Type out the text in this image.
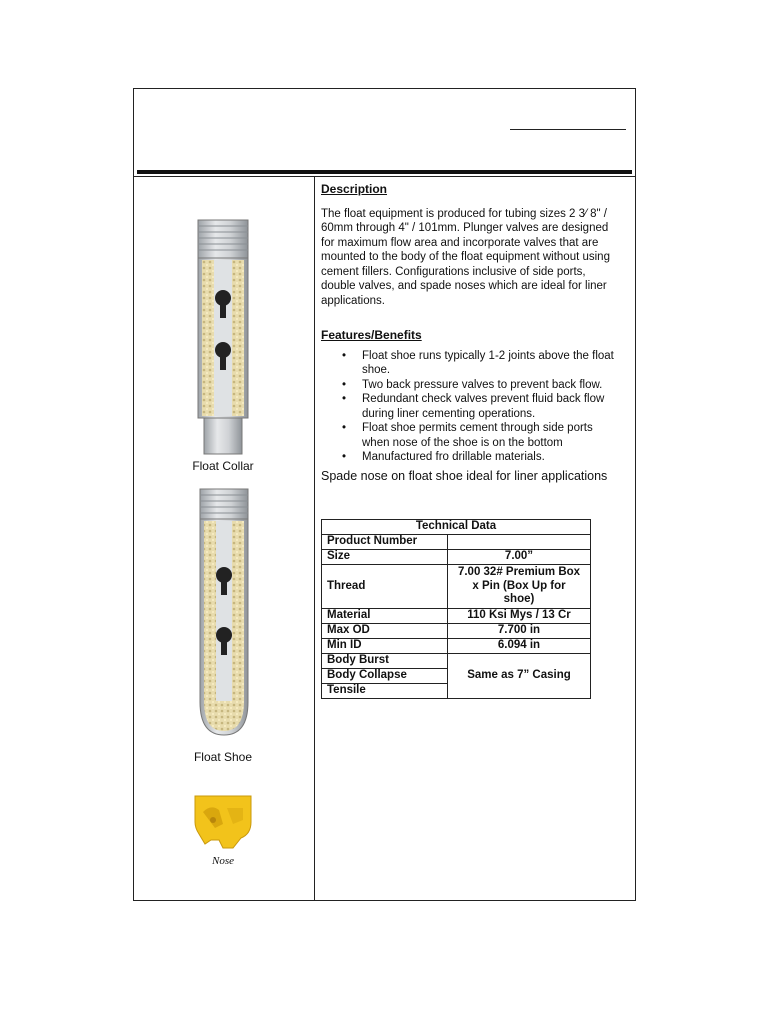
Float Collar
Float Shoe
Nose

Description

The float equipment is produced for tubing sizes 2 3⁄ 8" / 60mm through 4" / 101mm. Plunger valves are designed for maximum flow area and incorporate valves that are mounted to the body of the float equipment without using cement fillers. Configurations inclusive of side ports, double valves, and spade noses which are ideal for liner applications.

Features/Benefits

• Float shoe runs typically 1-2 joints above the float shoe.
• Two back pressure valves to prevent back flow.
• Redundant check valves prevent fluid back flow during liner cementing operations.
• Float shoe permits cement through side ports when nose of the shoe is on the bottom
• Manufactured fro drillable materials.
Spade nose on float shoe ideal for liner applications
Technical Data	
Product Number	
Size	7.00”
Thread	7.00 32# Premium Box x Pin (Box Up for shoe)
Material	110 Ksi Mys / 13 Cr
Max OD	7.700 in
Min ID	6.094 in
Body Burst	Same as 7” Casing
Body Collapse	
Tensile	
